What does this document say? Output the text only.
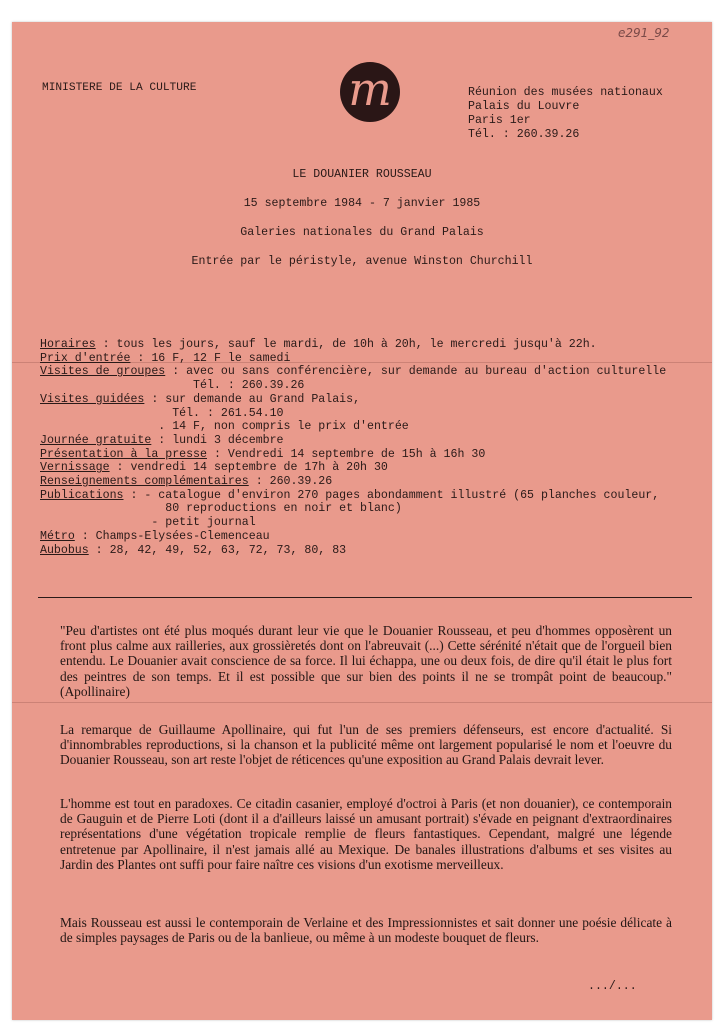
e291_92
MINISTERE DE LA CULTURE	m	Réunion des musées nationaux
Palais du Louvre
Paris 1er
Tél. : 260.39.26
LE DOUANIER ROUSSEAU
15 septembre 1984 - 7 janvier 1985
Galeries nationales du Grand Palais
Entrée par le péristyle, avenue Winston Churchill
Horaires : tous les jours, sauf le mardi, de 10h à 20h, le mercredi jusqu'à 22h.
Prix d'entrée : 16 F, 12 F le samedi
Visites de groupes : avec ou sans conférencière, sur demande au bureau d'action culturelle
Tél. : 260.39.26
Visites guidées : sur demande au Grand Palais,
Tél. : 261.54.10
. 14 F, non compris le prix d'entrée
Journée gratuite : lundi 3 décembre
Présentation à la presse : Vendredi 14 septembre de 15h à 16h 30
Vernissage : vendredi 14 septembre de 17h à 20h 30
Renseignements complémentaires : 260.39.26
Publications : - catalogue d'environ 270 pages abondamment illustré (65 planches couleur,
80 reproductions en noir et blanc)
- petit journal
Métro : Champs-Elysées-Clemenceau
Aubobus : 28, 42, 49, 52, 63, 72, 73, 80, 83
"Peu d'artistes ont été plus moqués durant leur vie que le Douanier Rousseau, et peu d'hommes opposèrent un front plus calme aux railleries, aux grossièretés dont on l'abreuvait (...) Cette sérénité n'était que de l'orgueil bien entendu. Le Douanier avait conscience de sa force. Il lui échappa, une ou deux fois, de dire qu'il était le plus fort des peintres de son temps. Et il est possible que sur bien des points il ne se trompât point de beaucoup." (Apollinaire)
La remarque de Guillaume Apollinaire, qui fut l'un de ses premiers défenseurs, est encore d'actualité. Si d'innombrables reproductions, si la chanson et la publicité même ont largement popularisé le nom et l'oeuvre du Douanier Rousseau, son art reste l'objet de réticences qu'une exposition au Grand Palais devrait lever.
L'homme est tout en paradoxes. Ce citadin casanier, employé d'octroi à Paris (et non douanier), ce contemporain de Gauguin et de Pierre Loti (dont il a d'ailleurs laissé un amusant portrait) s'évade en peignant d'extraordinaires représentations d'une végétation tropicale remplie de fleurs fantastiques. Cependant, malgré une légende entretenue par Apollinaire, il n'est jamais allé au Mexique. De banales illustrations d'albums et ses visites au Jardin des Plantes ont suffi pour faire naître ces visions d'un exotisme merveilleux.
Mais Rousseau est aussi le contemporain de Verlaine et des Impressionnistes et sait donner une poésie délicate à de simples paysages de Paris ou de la banlieue, ou même à un modeste bouquet de fleurs.
.../...
